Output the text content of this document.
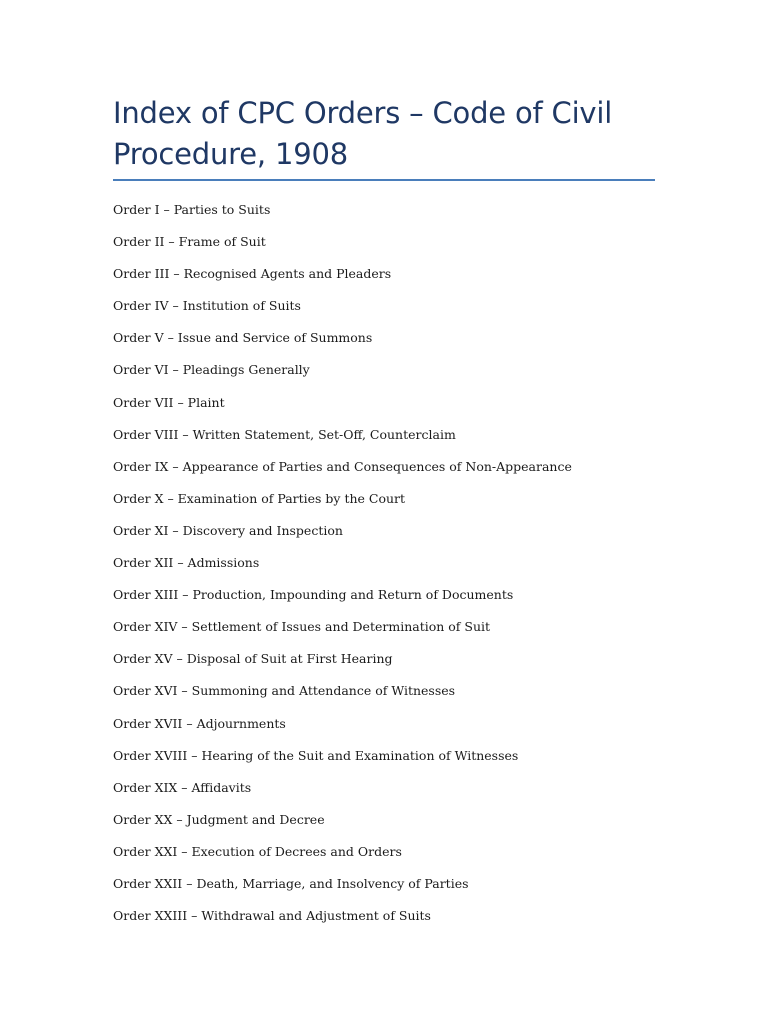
Index of CPC Orders – Code of Civil Procedure, 1908
Order I – Parties to Suits
Order II – Frame of Suit
Order III – Recognised Agents and Pleaders
Order IV – Institution of Suits
Order V – Issue and Service of Summons
Order VI – Pleadings Generally
Order VII – Plaint
Order VIII – Written Statement, Set-Off, Counterclaim
Order IX – Appearance of Parties and Consequences of Non-Appearance
Order X – Examination of Parties by the Court
Order XI – Discovery and Inspection
Order XII – Admissions
Order XIII – Production, Impounding and Return of Documents
Order XIV – Settlement of Issues and Determination of Suit
Order XV – Disposal of Suit at First Hearing
Order XVI – Summoning and Attendance of Witnesses
Order XVII – Adjournments
Order XVIII – Hearing of the Suit and Examination of Witnesses
Order XIX – Affidavits
Order XX – Judgment and Decree
Order XXI – Execution of Decrees and Orders
Order XXII – Death, Marriage, and Insolvency of Parties
Order XXIII – Withdrawal and Adjustment of Suits
